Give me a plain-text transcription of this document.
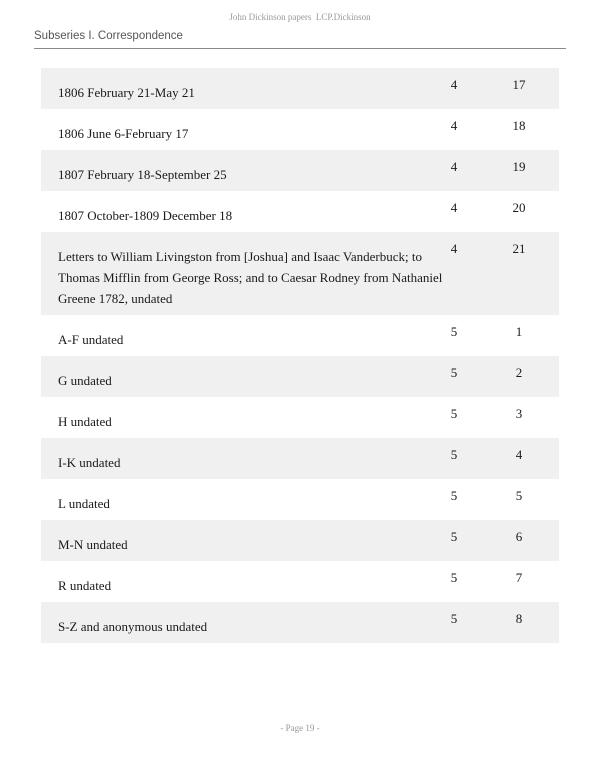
John Dickinson papers  LCP.Dickinson
Subseries I. Correspondence
1806 February 21-May 21
4	17
1806 June 6-February 17
4	18
1807 February 18-September 25
4	19
1807 October-1809 December 18
4	20
Letters to William Livingston from [Joshua] and Isaac Vanderbuck; to Thomas Mifflin from George Ross; and to Caesar Rodney from Nathaniel Greene 1782, undated
4	21
A-F undated
5	1
G undated
5	2
H undated
5	3
I-K undated
5	4
L undated
5	5
M-N undated
5	6
R undated
5	7
S-Z and anonymous undated
5	8
- Page 19 -
